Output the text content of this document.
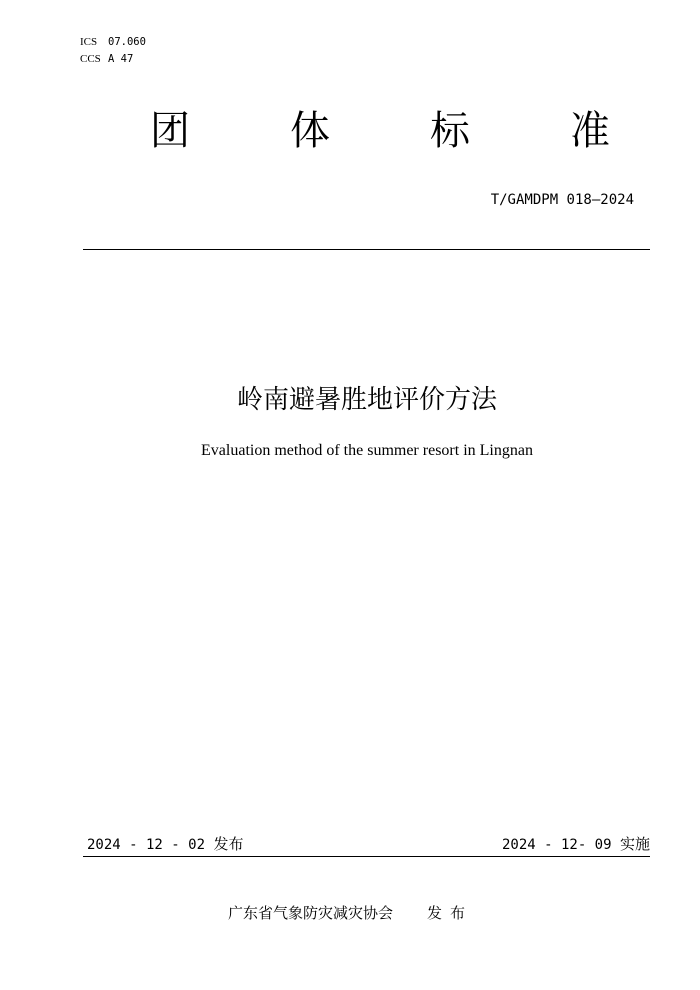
ICS 07.060
CCS A 47
团	体	标	准
T/GAMDPM 018—2024
岭南避暑胜地评价方法
Evaluation method of the summer resort in Lingnan
2024 - 12 - 02 发布	2024 - 12- 09 实施
广东省气象防灾减灾协会 发布
